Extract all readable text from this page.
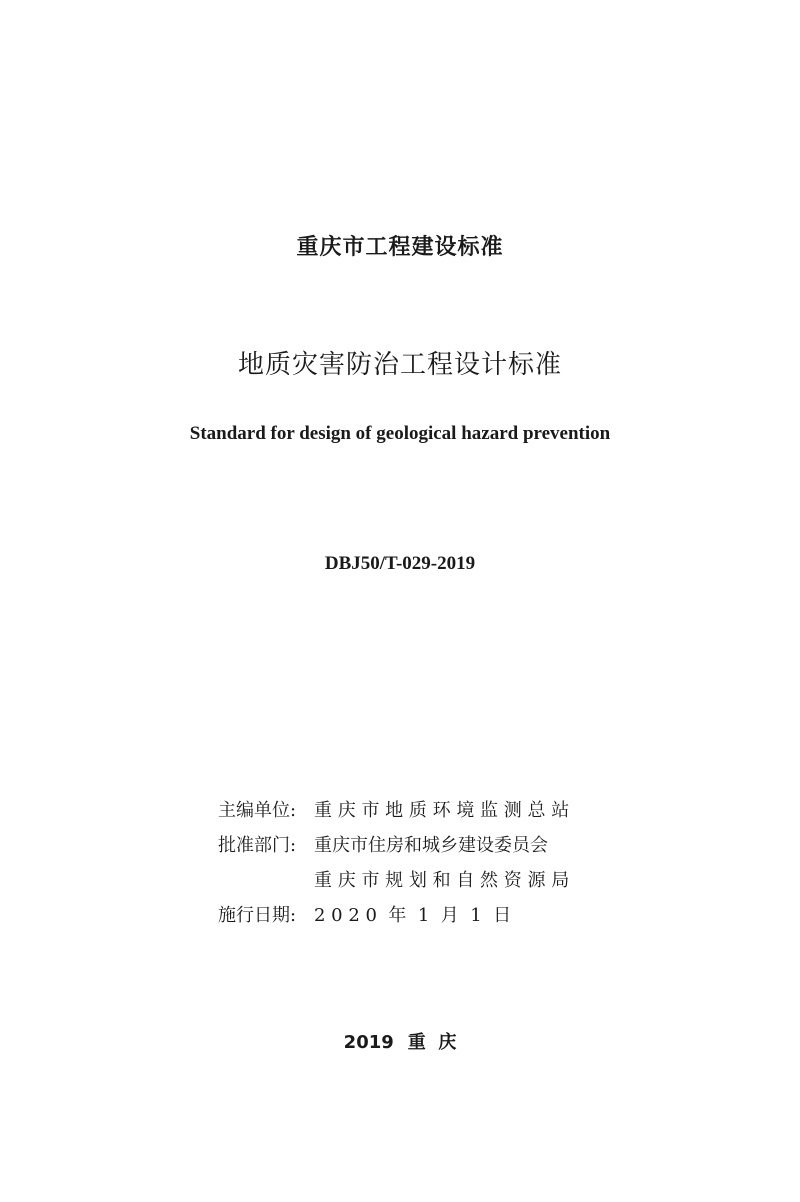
重庆市工程建设标准
地质灾害防治工程设计标准
Standard for design of geological hazard prevention
DBJ50/T-029-2019
主编单位: 重 庆 市 地 质 环 境 监 测 总 站
批准部门: 重庆市住房和城乡建设委员会
重 庆 市 规 划 和 自 然 资 源 局
施行日期: 2 0 2 0  年  1  月  1  日
2019 重  庆
